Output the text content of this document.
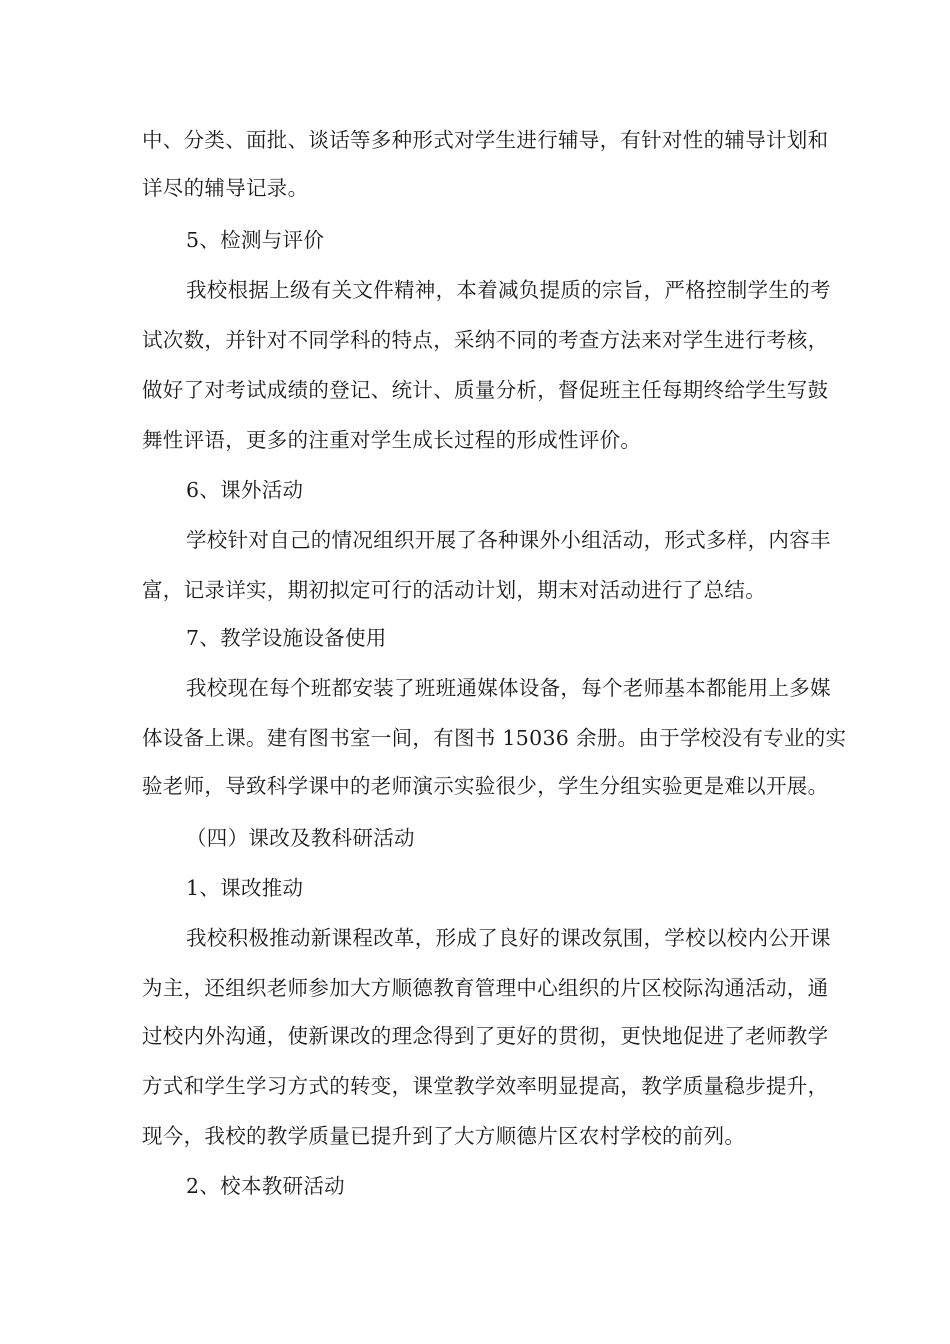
中、分类、面批、谈话等多种形式对学生进行辅导，有针对性的辅导计划和
详尽的辅导记录。
5、检测与评价
我校根据上级有关文件精神，本着减负提质的宗旨，严格控制学生的考
试次数，并针对不同学科的特点，采纳不同的考查方法来对学生进行考核，
做好了对考试成绩的登记、统计、质量分析，督促班主任每期终给学生写鼓
舞性评语，更多的注重对学生成长过程的形成性评价。
6、课外活动
学校针对自己的情况组织开展了各种课外小组活动，形式多样，内容丰
富，记录详实，期初拟定可行的活动计划，期末对活动进行了总结。
7、教学设施设备使用
我校现在每个班都安装了班班通媒体设备，每个老师基本都能用上多媒
体设备上课。建有图书室一间，有图书 15036 余册。由于学校没有专业的实
验老师，导致科学课中的老师演示实验很少，学生分组实验更是难以开展。
（四）课改及教科研活动
1、课改推动
我校积极推动新课程改革，形成了良好的课改氛围，学校以校内公开课
为主，还组织老师参加大方顺德教育管理中心组织的片区校际沟通活动，通
过校内外沟通，使新课改的理念得到了更好的贯彻，更快地促进了老师教学
方式和学生学习方式的转变，课堂教学效率明显提高，教学质量稳步提升，
现今，我校的教学质量已提升到了大方顺德片区农村学校的前列。
2、校本教研活动
